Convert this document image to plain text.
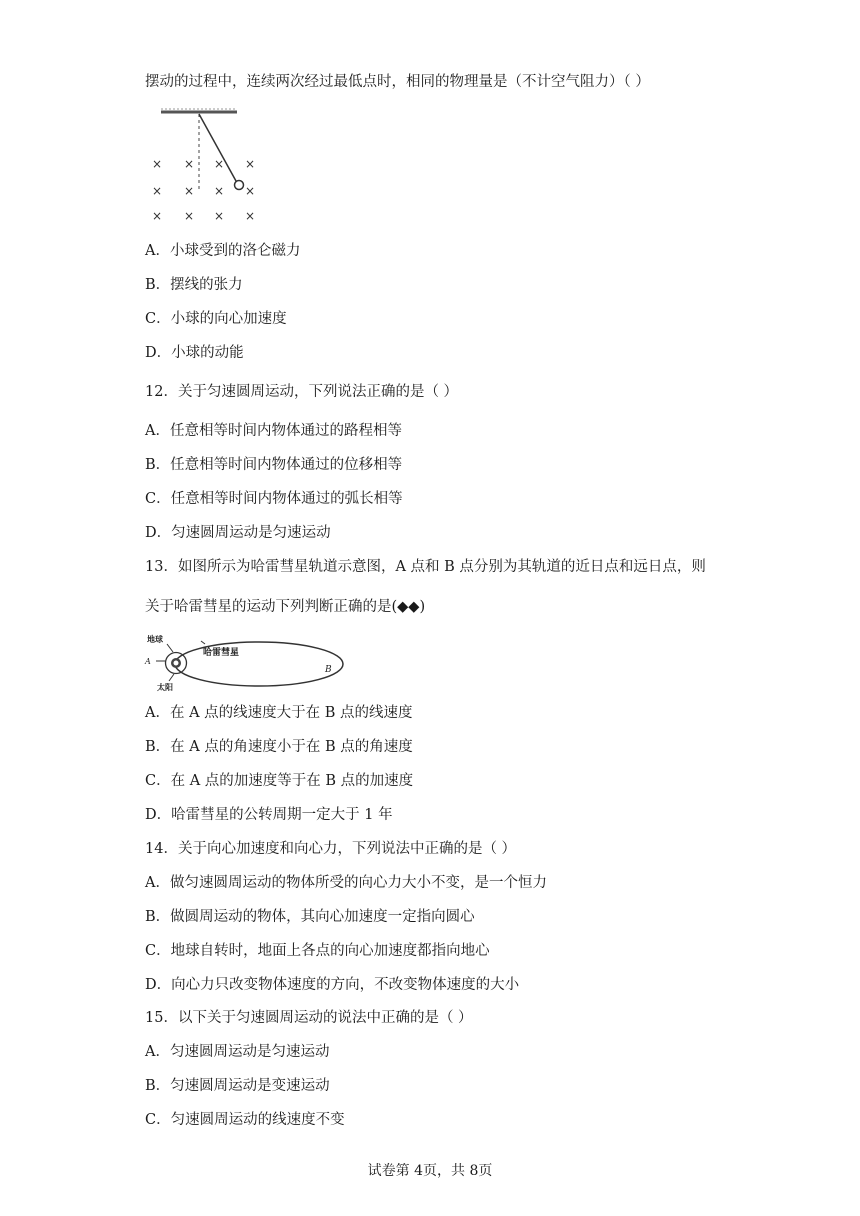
摆动的过程中，连续两次经过最低点时，相同的物理量是（不计空气阻力）（ ）
× × × ×
× × × ×
× × × ×
A．小球受到的洛仑磁力
B．摆线的张力
C．小球的向心加速度
D．小球的动能
12．关于匀速圆周运动，下列说法正确的是（ ）
A．任意相等时间内物体通过的路程相等
B．任意相等时间内物体通过的位移相等
C．任意相等时间内物体通过的弧长相等
D．匀速圆周运动是匀速运动
13．如图所示为哈雷彗星轨道示意图，A 点和 B 点分别为其轨道的近日点和远日点，则
关于哈雷彗星的运动下列判断正确的是(◆◆)
地球
A
太阳
哈雷彗星
B
A．在 A 点的线速度大于在 B 点的线速度
B．在 A 点的角速度小于在 B 点的角速度
C．在 A 点的加速度等于在 B 点的加速度
D．哈雷彗星的公转周期一定大于 1 年
14．关于向心加速度和向心力，下列说法中正确的是（ ）
A．做匀速圆周运动的物体所受的向心力大小不变，是一个恒力
B．做圆周运动的物体，其向心加速度一定指向圆心
C．地球自转时，地面上各点的向心加速度都指向地心
D．向心力只改变物体速度的方向，不改变物体速度的大小
15．以下关于匀速圆周运动的说法中正确的是（ ）
A．匀速圆周运动是匀速运动
B．匀速圆周运动是变速运动
C．匀速圆周运动的线速度不变
试卷第 4页，共 8页
